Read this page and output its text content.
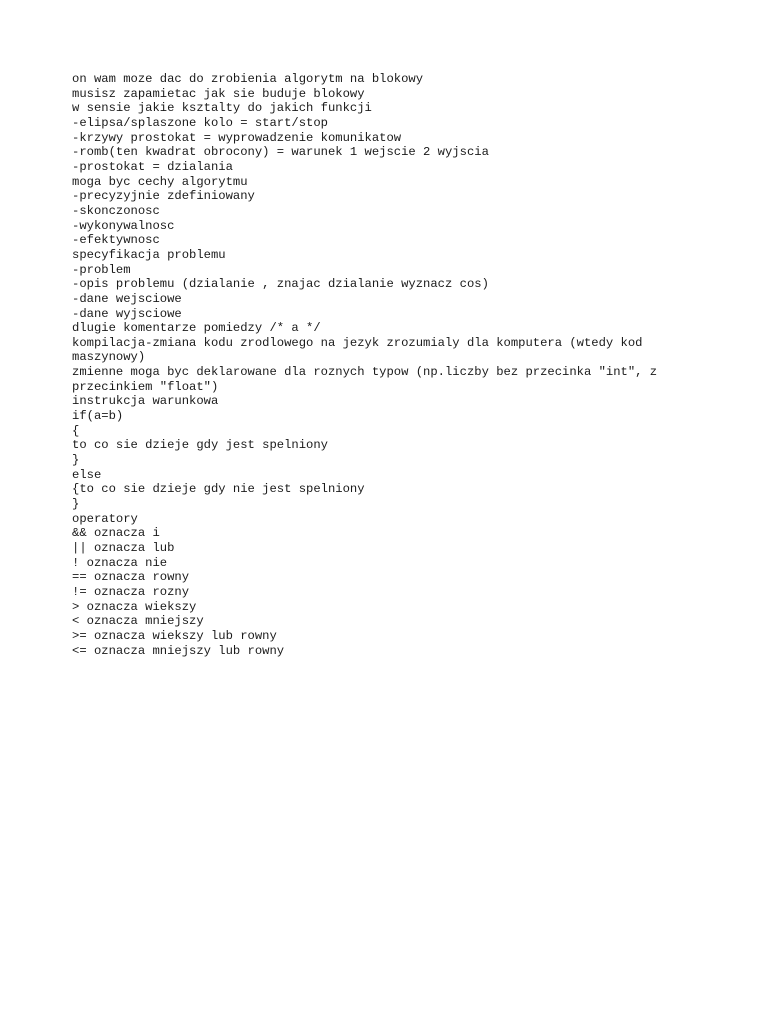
on wam moze dac do zrobienia algorytm na blokowy
musisz zapamietac jak sie buduje blokowy
w sensie jakie ksztalty do jakich funkcji
-elipsa/splaszone kolo = start/stop
-krzywy prostokat = wyprowadzenie komunikatow
-romb(ten kwadrat obrocony) = warunek 1 wejscie 2 wyjscia
-prostokat = dzialania
moga byc cechy algorytmu
-precyzyjnie zdefiniowany
-skonczonosc
-wykonywalnosc
-efektywnosc
specyfikacja problemu
-problem
-opis problemu (dzialanie , znajac dzialanie wyznacz cos)
-dane wejsciowe
-dane wyjsciowe
dlugie komentarze pomiedzy /* a */
kompilacja-zmiana kodu zrodlowego na jezyk zrozumialy dla komputera (wtedy kod maszynowy)
zmienne moga byc deklarowane dla roznych typow (np.liczby bez przecinka "int", z przecinkiem "float")
instrukcja warunkowa
if(a=b)
{
to co sie dzieje gdy jest spelniony
}
else
{to co sie dzieje gdy nie jest spelniony
}
operatory
&& oznacza i
|| oznacza lub
! oznacza nie
== oznacza rowny
!= oznacza rozny
> oznacza wiekszy
< oznacza mniejszy
>= oznacza wiekszy lub rowny
<= oznacza mniejszy lub rowny
